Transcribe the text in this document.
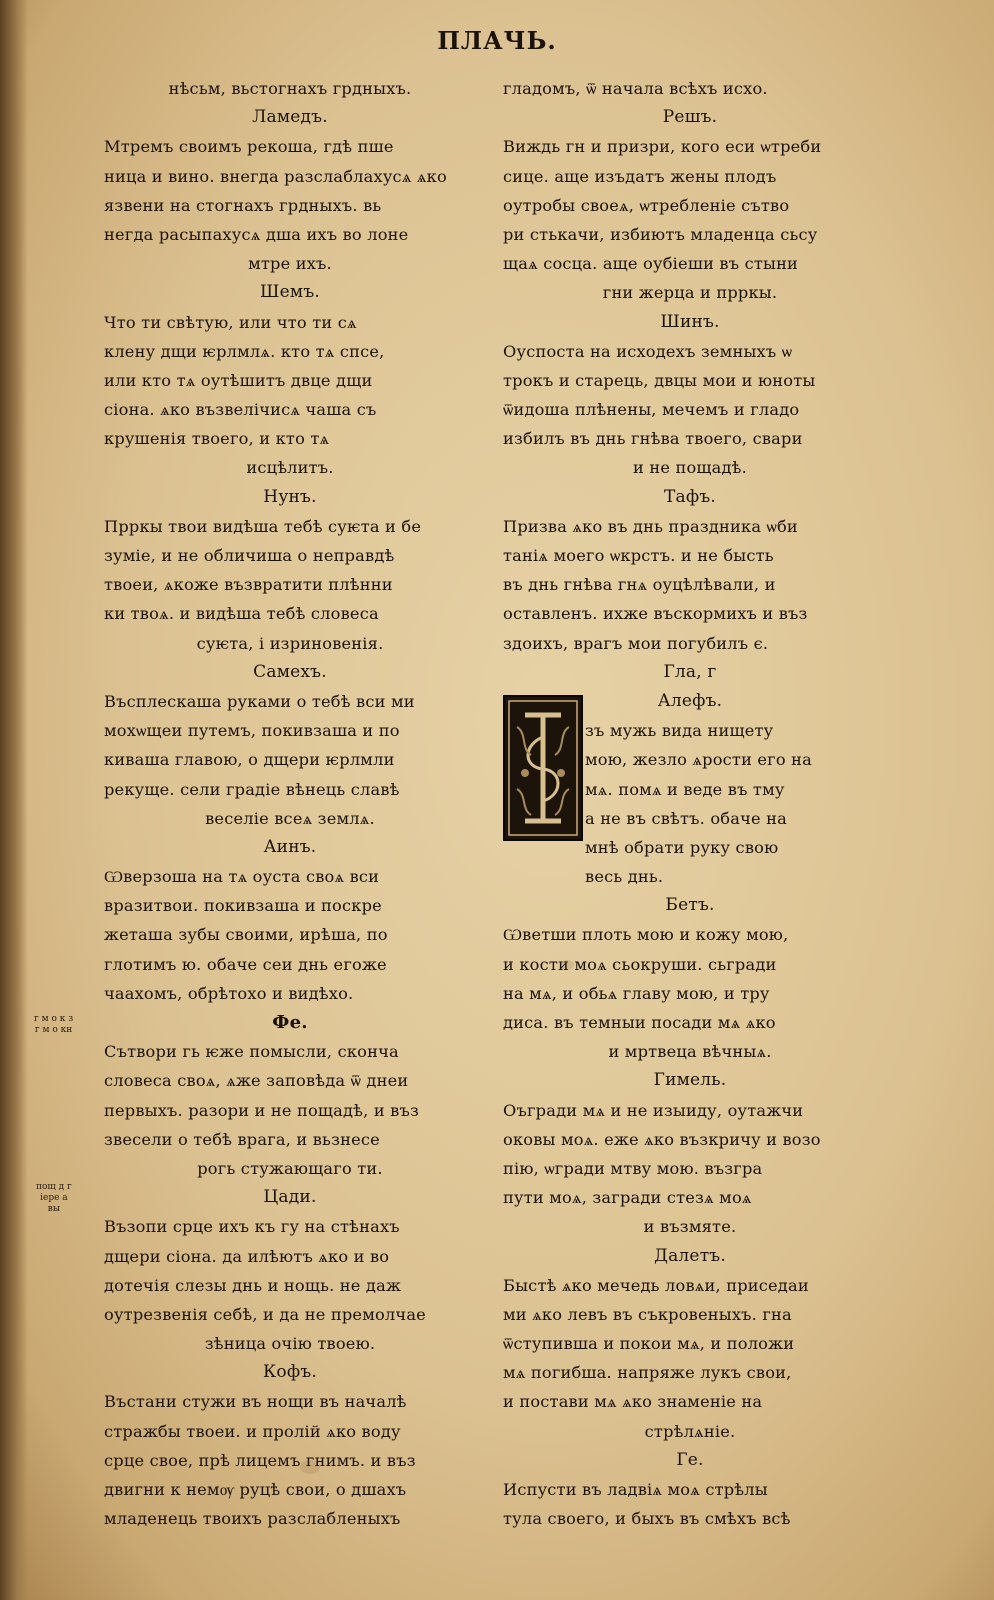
ПЛАЧЬ.
нѣсьм, вьстогнахъ грдныхъ.
Ламедъ.
Мтремъ своимъ рекоша, гдѣ пше
ница и вино. внегда разслаблахусѧ ѧко
язвени на стогнахъ грдныхъ. вь
негда расыпахусѧ дша ихъ во лоне
мтре ихъ.
Шемъ.
Что ти свѣтую, или что ти сѧ
клену дщи ѥрлмлѧ. кто тѧ спсе,
или кто тѧ оутѣшитъ двце дщи
сіона. ѧко възвелічисѧ чаша съ
крушенія твоего, и кто тѧ
исцѣлитъ.
Нунъ.
Прркы твои видѣша тебѣ суѥта и бе
зуміе, и не обличиша о неправдѣ
твоеи, ѧкоже възвратити плѣнни
ки твоѧ. и видѣша тебѣ словеса
суѥта, і изриновенія.
Самехъ.
Въсплескаша руками о тебѣ вси ми
мохѡщеи путемъ, покивзаша и по
киваша главою, о дщери ѥрлмли
рекуще. сели градіе вѣнець славѣ
веселіе всеѧ землѧ.
Аинъ.
Ѡверзоша на тѧ оуста своѧ вси
вразитвои. покивзаша и поскре
жеташа зубы своими, ирѣша, по
глотимъ ю. обаче сеи днь егоже
чаахомъ, обрѣтохо и видѣхо.
Фе.
Сътвори гь ѥже помысли, сконча
словеса своѧ, ѧже заповѣда ѿ днеи
первыхъ. разори и не пощадѣ, и въз
звесели о тебѣ врага, и вьзнесе
рогь стужающаго ти.
Цади.
Възопи срце ихъ къ гу на стѣнахъ
дщери сіона. да илѣютъ ѧко и во
дотечія слезы днь и нощь. не даж
оутрезвенія себѣ, и да не премолчае
зѣница очію твоею.
Кофъ.
Въстани стужи въ нощи въ началѣ
стражбы твоеи. и пролій ѧко воду
срце свое, прѣ лицемъ гнимъ. и въз
двигни к немѹ руцѣ свои, о дшахъ
младенець твоихъ разслабленыхъ
гладомъ, ѿ начала всѣхъ исхо.
Решъ.
Виждь гн и призри, кого еси ѡтреби
сице. аще изъдатъ жены плодъ
оутробы своеѧ, ѡтребленіе сътво
ри стькачи, избиютъ младенца сьсу
щаѧ сосца. аще оубіеши въ стыни
гни жерца и прркы.
Шинъ.
Оуспоста на исходехъ земныхъ ѡ
трокъ и старець, двцы мои и юноты
ѿидоша плѣнены, мечемъ и гладо
избилъ въ днь гнѣва твоего, свари
и не пощадѣ.
Тафъ.
Призва ѧко въ днь праздника ѡби
таніѧ моего ѡкрстъ. и не бысть
въ днь гнѣва гнѧ оуцѣлѣвали, и
оставленъ. ихже въскормихъ и въз
здоихъ, врагъ мои погубилъ є.
Гла, г
Алефъ.
зъ мужь вида нищету
мою, жезло ѧрости его на
мѧ. помѧ и веде въ тму
а не въ свѣтъ. обаче на
мнѣ обрати руку свою
весь днь.
Бетъ.
Ѡветши плоть мою и кожу мою,
и кости моѧ сьокруши. сьгради
на мѧ, и обьѧ главу мою, и тру
диса. въ темныи посади мѧ ѧко
и мртвеца вѣчныѧ.
Гимель.
Оъгради мѧ и не изыиду, оутажчи
оковы моѧ. еже ѧко възкричу и возо
пію, ѡгради мтву мою. възгра
пути моѧ, загради стезѧ моѧ
и възмяте.
Далетъ.
Быстѣ ѧко мечедь ловѧи, приседаи
ми ѧко левъ въ съкровеныхъ. гна
ѿступивша и покои мѧ, и положи
мѧ погибша. напряже лукъ свои,
и постави мѧ ѧко знаменіе на
стрѣлѧніе.
Ге.
Испусти въ ладвіѧ моѧ стрѣлы
тула своего, и быхъ въ смѣхъ всѣ
г м о к з
г м о кн
пощ д г
іере а
вы
